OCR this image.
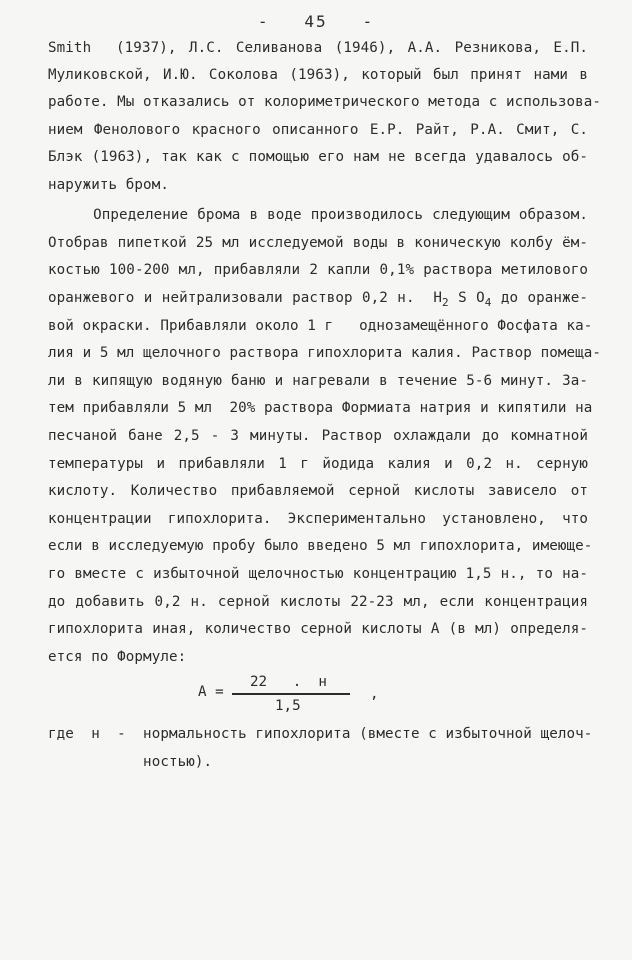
-   45   -
Smith  (1937), Л.С. Селиванова (1946), А.А. Резникова, Е.П.
Муликовской, И.Ю. Соколова (1963), который был принят нами в
работе. Мы отказались от колориметрического метода с использова-
нием Фенолового красного описанного Е.Р. Райт, Р.А. Смит, С.
Блэк (1963), так как с помощью его нам не всегда удавалось об-
наружить бром.
Определение брома в воде производилось следующим образом.
Отобрав пипеткой 25 мл исследуемой воды в коническую колбу ём-
костью 100-200 мл, прибавляли 2 капли 0,1% раствора метилового
оранжевого и нейтрализовали раствор 0,2 н.  $H_2$ S $O_4$ до оранже-
вой окраски. Прибавляли около 1 г   однозамещённого Фосфата ка-
лия и 5 мл щелочного раствора гипохлорита калия. Раствор помеща-
ли в кипящую водяную баню и нагревали в течение 5-6 минут. За-
тем прибавляли 5 мл  20% раствора Формиата натрия и кипятили на
песчаной бане 2,5 - 3 минуты. Раствор охлаждали до комнатной
температуры и прибавляли 1 г йодида калия и 0,2 н. серную
кислоту. Количество прибавляемой серной кислоты зависело от
концентрации гипохлорита. Экспериментально установлено, что
если в исследуемую пробу было введено 5 мл гипохлорита, имеюще-
го вместе с избыточной щелочностью концентрацию 1,5 н., то на-
до добавить 0,2 н. серной кислоты 22-23 мл, если концентрация
гипохлорита иная, количество серной кислоты А (в мл) определя-
ется по Формуле:
А =
22   .  н
1,5
,
где  н  -  нормальность гипохлорита (вместе с избыточной щелоч-
ностью).
